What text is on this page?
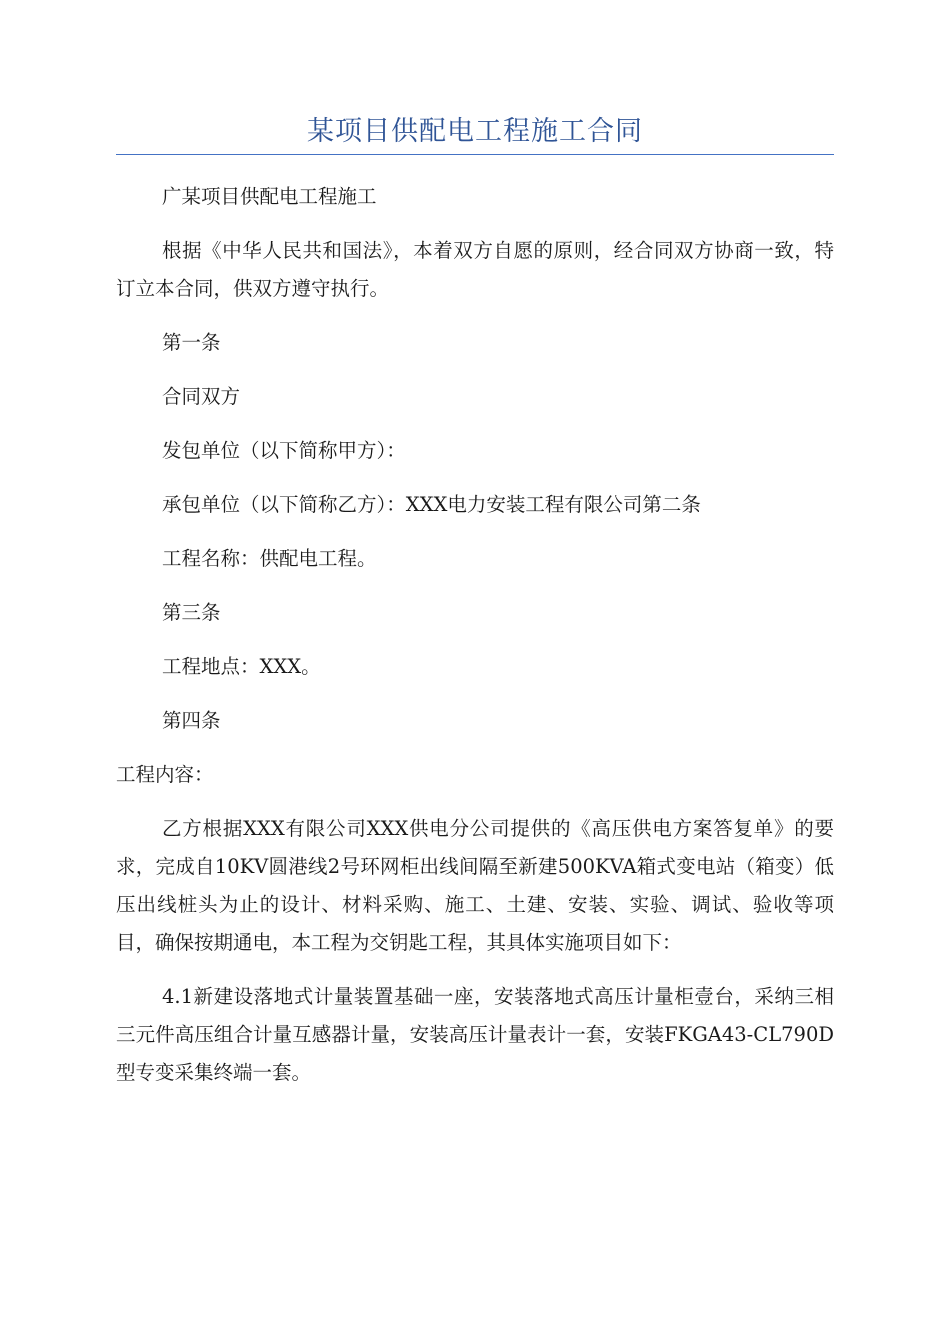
某项目供配电工程施工合同

广某项目供配电工程施工

根据《中华人民共和国法》，本着双方自愿的原则，经合同双方协商一致，特订立本合同，供双方遵守执行。

第一条

合同双方

发包单位（以下简称甲方）：

承包单位（以下简称乙方）：XXX电力安装工程有限公司第二条

工程名称：供配电工程。

第三条

工程地点：XXX。

第四条

工程内容：

乙方根据XXX有限公司XXX供电分公司提供的《高压供电方案答复单》的要求，完成自10KV圆港线2号环网柜出线间隔至新建500KVA箱式变电站（箱变）低压出线桩头为止的设计、材料采购、施工、土建、安装、实验、调试、验收等项目，确保按期通电，本工程为交钥匙工程，其具体实施项目如下：

4.1新建设落地式计量装置基础一座，安装落地式高压计量柜壹台，采纳三相三元件高压组合计量互感器计量，安装高压计量表计一套，安装FKGA43-CL790D型专变采集终端一套。
